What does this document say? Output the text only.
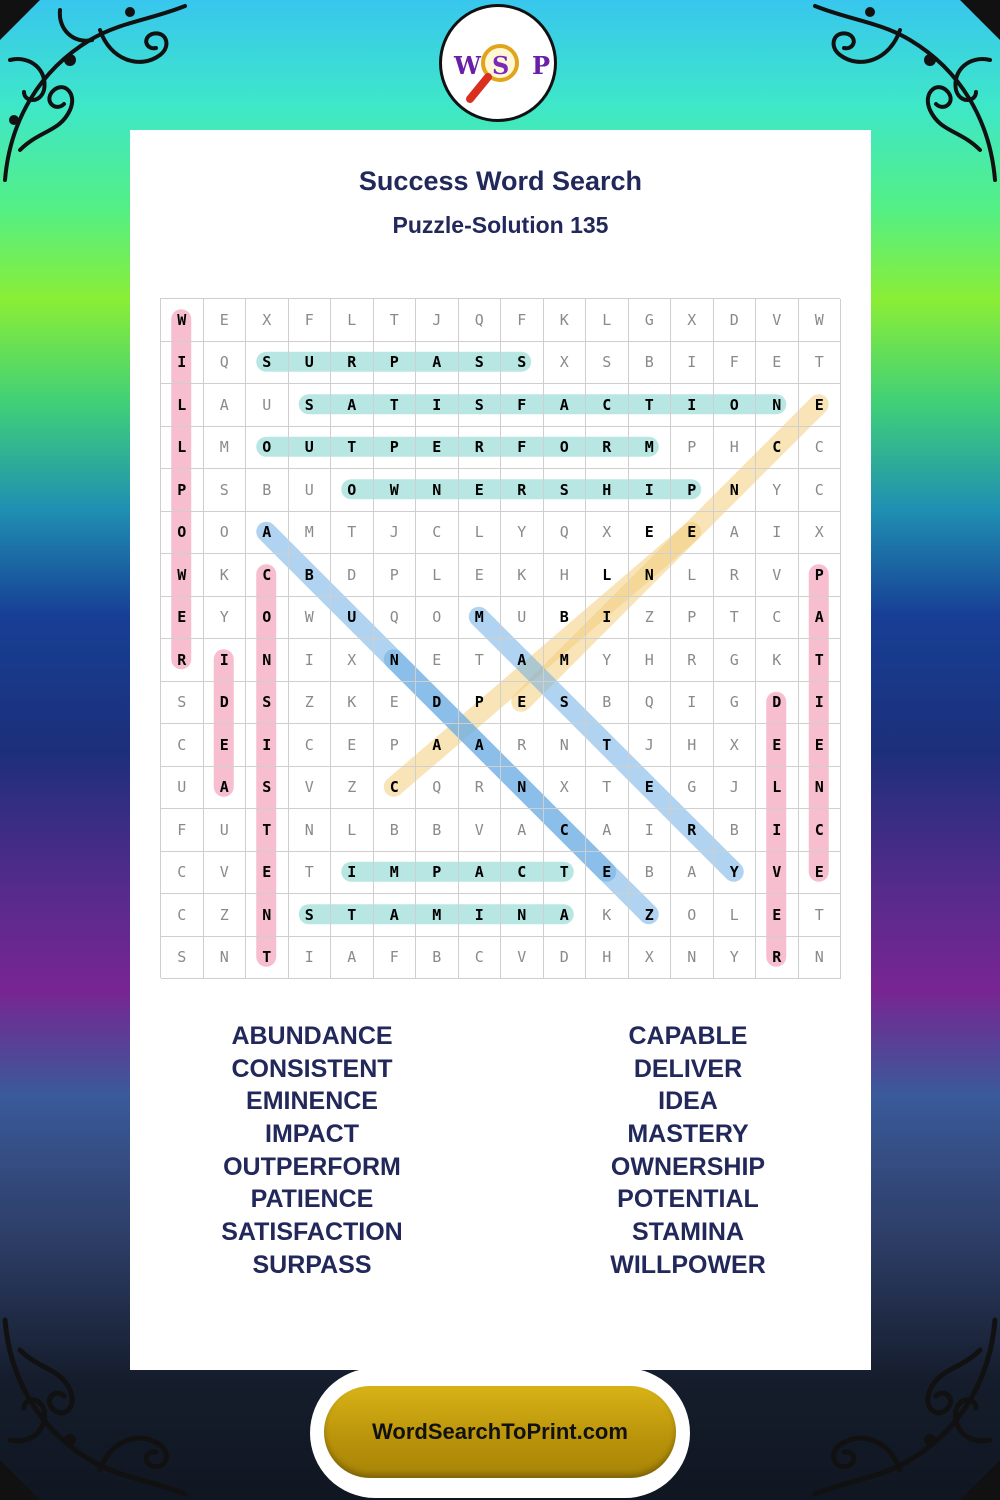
W S P
Success Word Search
Puzzle-Solution 135
W	E	X	F	L	T	J	Q	F	K	L	G	X	D	V	W
I	Q	S	U	R	P	A	S	S	X	S	B	I	F	E	T
L	A	U	S	A	T	I	S	F	A	C	T	I	O	N	E
L	M	O	U	T	P	E	R	F	O	R	M	P	H	C	C
P	S	B	U	O	W	N	E	R	S	H	I	P	N	Y	C
O	O	A	M	T	J	C	L	Y	Q	X	E	E	A	I	X
W	K	C	B	D	P	L	E	K	H	L	N	L	R	V	P
E	Y	O	W	U	Q	O	M	U	B	I	Z	P	T	C	A
R	I	N	I	X	N	E	T	A	M	Y	H	R	G	K	T
S	D	S	Z	K	E	D	P	E	S	B	Q	I	G	D	I
C	E	I	C	E	P	A	A	R	N	T	J	H	X	E	E
U	A	S	V	Z	C	Q	R	N	X	T	E	G	J	L	N
F	U	T	N	L	B	B	V	A	C	A	I	R	B	I	C
C	V	E	T	I	M	P	A	C	T	E	B	A	Y	V	E
C	Z	N	S	T	A	M	I	N	A	K	Z	O	L	E	T
S	N	T	I	A	F	B	C	V	D	H	X	N	Y	R	N
ABUNDANCE
CONSISTENT
EMINENCE
IMPACT
OUTPERFORM
PATIENCE
SATISFACTION
SURPASS
CAPABLE
DELIVER
IDEA
MASTERY
OWNERSHIP
POTENTIAL
STAMINA
WILLPOWER
WordSearchToPrint.com
